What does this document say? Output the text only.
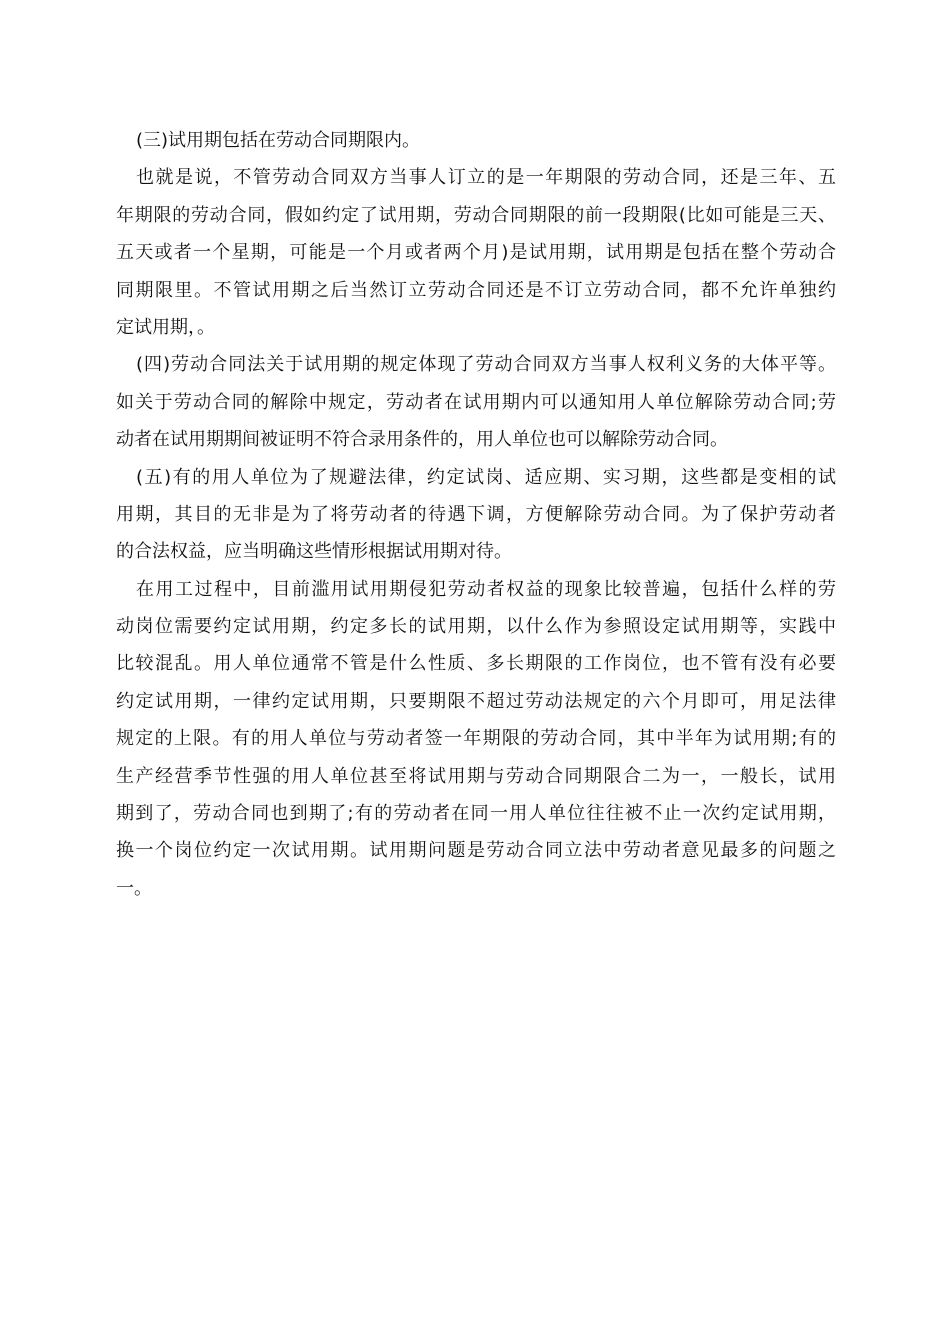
(三)试用期包括在劳动合同期限内。
也就是说，不管劳动合同双方当事人订立的是一年期限的劳动合同，还是三年、五
年期限的劳动合同，假如约定了试用期，劳动合同期限的前一段期限(比如可能是三天、
五天或者一个星期，可能是一个月或者两个月)是试用期，试用期是包括在整个劳动合
同期限里。不管试用期之后当然订立劳动合同还是不订立劳动合同，都不允许单独约
定试用期，。
(四)劳动合同法关于试用期的规定体现了劳动合同双方当事人权利义务的大体平等。
如关于劳动合同的解除中规定，劳动者在试用期内可以通知用人单位解除劳动合同;劳
动者在试用期期间被证明不符合录用条件的，用人单位也可以解除劳动合同。
(五)有的用人单位为了规避法律，约定试岗、适应期、实习期，这些都是变相的试
用期，其目的无非是为了将劳动者的待遇下调，方便解除劳动合同。为了保护劳动者
的合法权益，应当明确这些情形根据试用期对待。
在用工过程中，目前滥用试用期侵犯劳动者权益的现象比较普遍，包括什么样的劳
动岗位需要约定试用期，约定多长的试用期，以什么作为参照设定试用期等，实践中
比较混乱。用人单位通常不管是什么性质、多长期限的工作岗位，也不管有没有必要
约定试用期，一律约定试用期，只要期限不超过劳动法规定的六个月即可，用足法律
规定的上限。有的用人单位与劳动者签一年期限的劳动合同，其中半年为试用期;有的
生产经营季节性强的用人单位甚至将试用期与劳动合同期限合二为一，一般长，试用
期到了，劳动合同也到期了;有的劳动者在同一用人单位往往被不止一次约定试用期，
换一个岗位约定一次试用期。试用期问题是劳动合同立法中劳动者意见最多的问题之
一。
